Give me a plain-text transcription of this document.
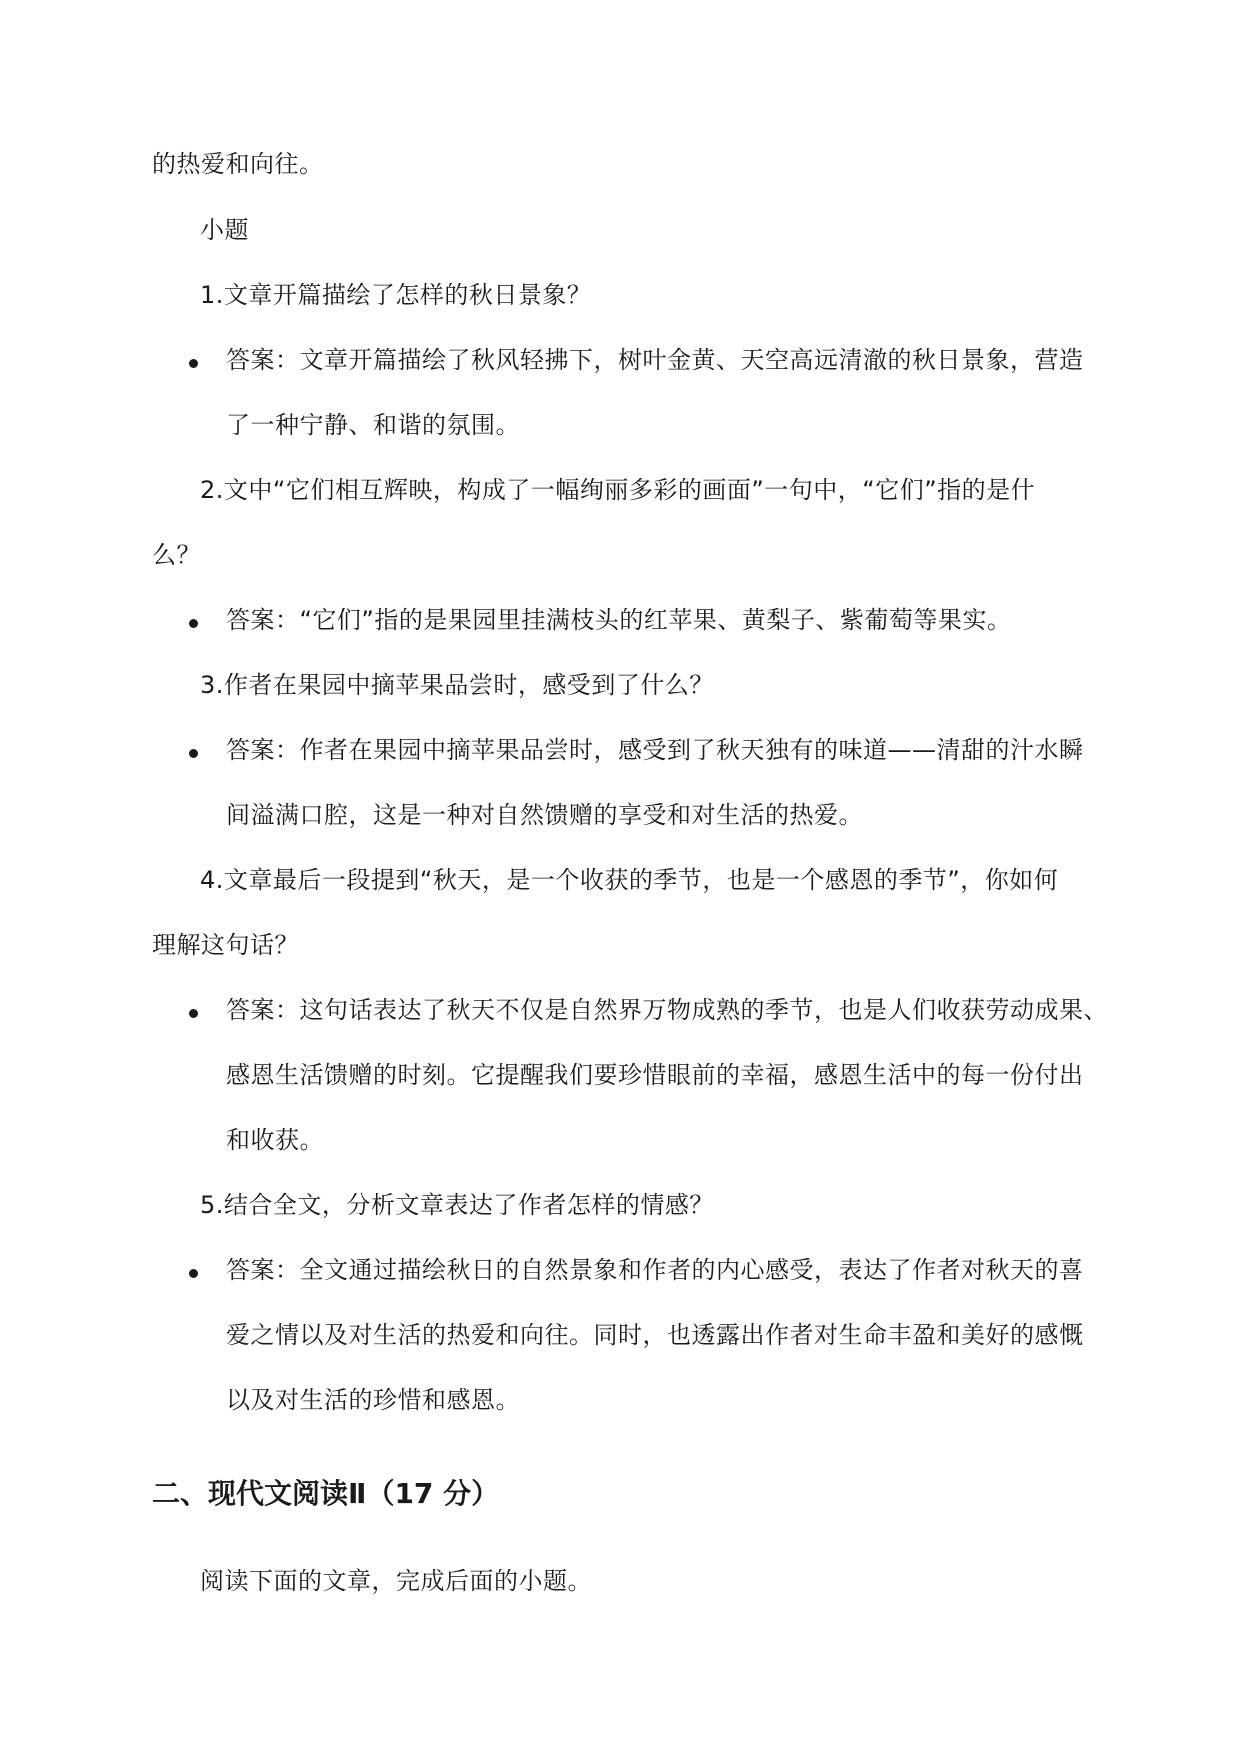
的热爱和向往。
小题
1.文章开篇描绘了怎样的秋日景象？
答案：文章开篇描绘了秋风轻拂下，树叶金黄、天空高远清澈的秋日景象，营造
了一种宁静、和谐的氛围。
2.文中“它们相互辉映，构成了一幅绚丽多彩的画面”一句中，“它们”指的是什
么？
答案：“它们”指的是果园里挂满枝头的红苹果、黄梨子、紫葡萄等果实。
3.作者在果园中摘苹果品尝时，感受到了什么？
答案：作者在果园中摘苹果品尝时，感受到了秋天独有的味道——清甜的汁水瞬
间溢满口腔，这是一种对自然馈赠的享受和对生活的热爱。
4.文章最后一段提到“秋天，是一个收获的季节，也是一个感恩的季节”，你如何
理解这句话？
答案：这句话表达了秋天不仅是自然界万物成熟的季节，也是人们收获劳动成果、
感恩生活馈赠的时刻。它提醒我们要珍惜眼前的幸福，感恩生活中的每一份付出
和收获。
5.结合全文，分析文章表达了作者怎样的情感？
答案：全文通过描绘秋日的自然景象和作者的内心感受，表达了作者对秋天的喜
爱之情以及对生活的热爱和向往。同时，也透露出作者对生命丰盈和美好的感慨
以及对生活的珍惜和感恩。
二、现代文阅读Ⅱ（17 分）
阅读下面的文章，完成后面的小题。
